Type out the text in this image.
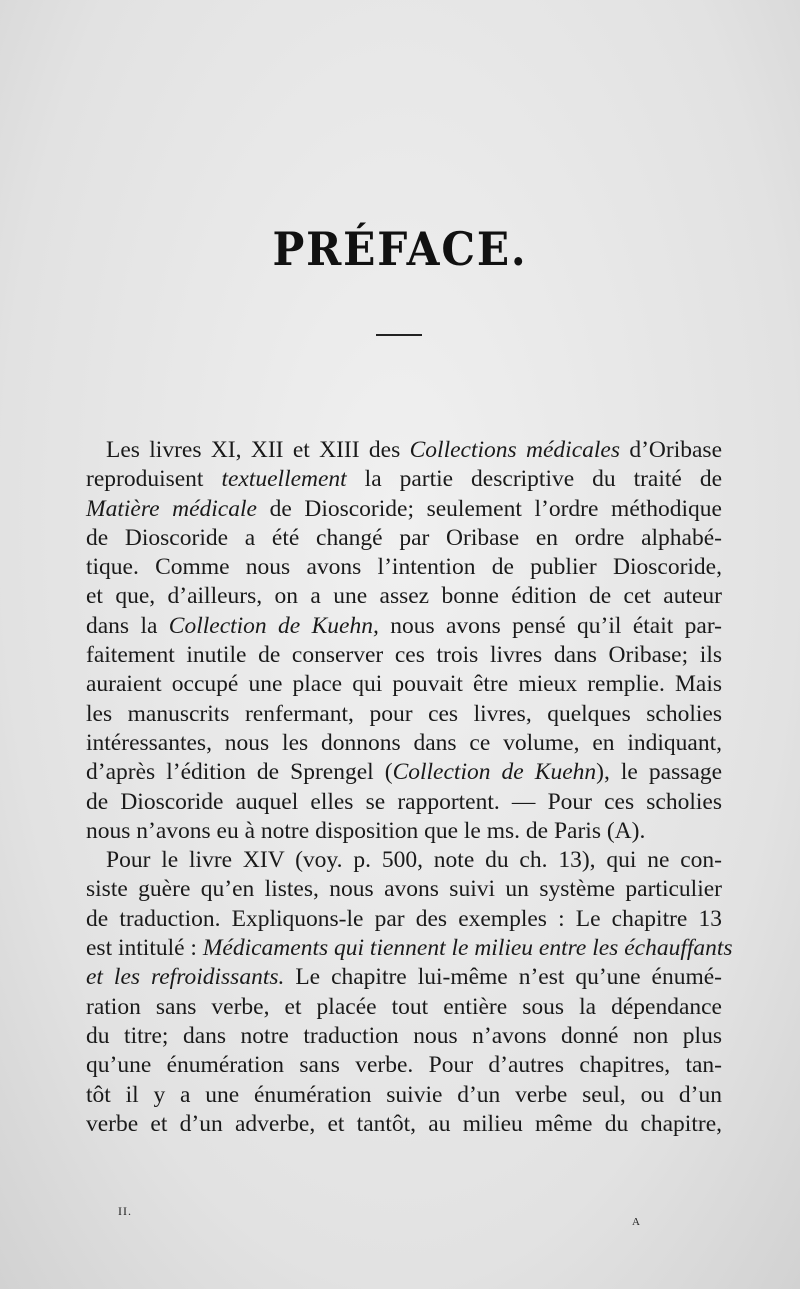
PRÉFACE.
Les livres XI, XII et XIII des Collections médicales d’Oribase
reproduisent textuellement la partie descriptive du traité de
Matière médicale de Dioscoride; seulement l’ordre méthodique
de Dioscoride a été changé par Oribase en ordre alphabé-
tique. Comme nous avons l’intention de publier Dioscoride,
et que, d’ailleurs, on a une assez bonne édition de cet auteur
dans la Collection de Kuehn, nous avons pensé qu’il était par-
faitement inutile de conserver ces trois livres dans Oribase; ils
auraient occupé une place qui pouvait être mieux remplie. Mais
les manuscrits renfermant, pour ces livres, quelques scholies
intéressantes, nous les donnons dans ce volume, en indiquant,
d’après l’édition de Sprengel (Collection de Kuehn), le passage
de Dioscoride auquel elles se rapportent. — Pour ces scholies
nous n’avons eu à notre disposition que le ms. de Paris (A).
Pour le livre XIV (voy. p. 500, note du ch. 13), qui ne con-
siste guère qu’en listes, nous avons suivi un système particulier
de traduction. Expliquons-le par des exemples : Le chapitre 13
est intitulé : Médicaments qui tiennent le milieu entre les échauffants
et les refroidissants. Le chapitre lui-même n’est qu’une énumé-
ration sans verbe, et placée tout entière sous la dépendance
du titre; dans notre traduction nous n’avons donné non plus
qu’une énumération sans verbe. Pour d’autres chapitres, tan-
tôt il y a une énumération suivie d’un verbe seul, ou d’un
verbe et d’un adverbe, et tantôt, au milieu même du chapitre,
II.
A
